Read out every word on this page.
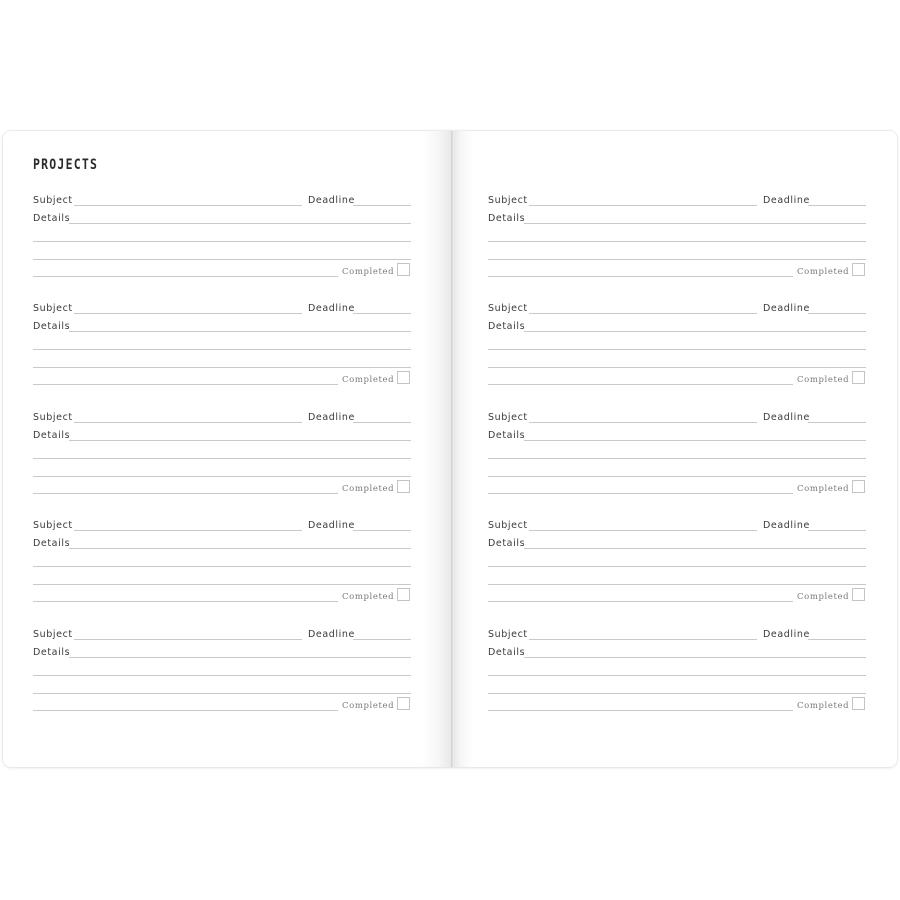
PROJECTS
Subject	Deadline
Details
Completed
Subject	Deadline
Details
Completed
Subject	Deadline
Details
Completed
Subject	Deadline
Details
Completed
Subject	Deadline
Details
Completed
Subject	Deadline
Details
Completed
Subject	Deadline
Details
Completed
Subject	Deadline
Details
Completed
Subject	Deadline
Details
Completed
Subject	Deadline
Details
Completed
